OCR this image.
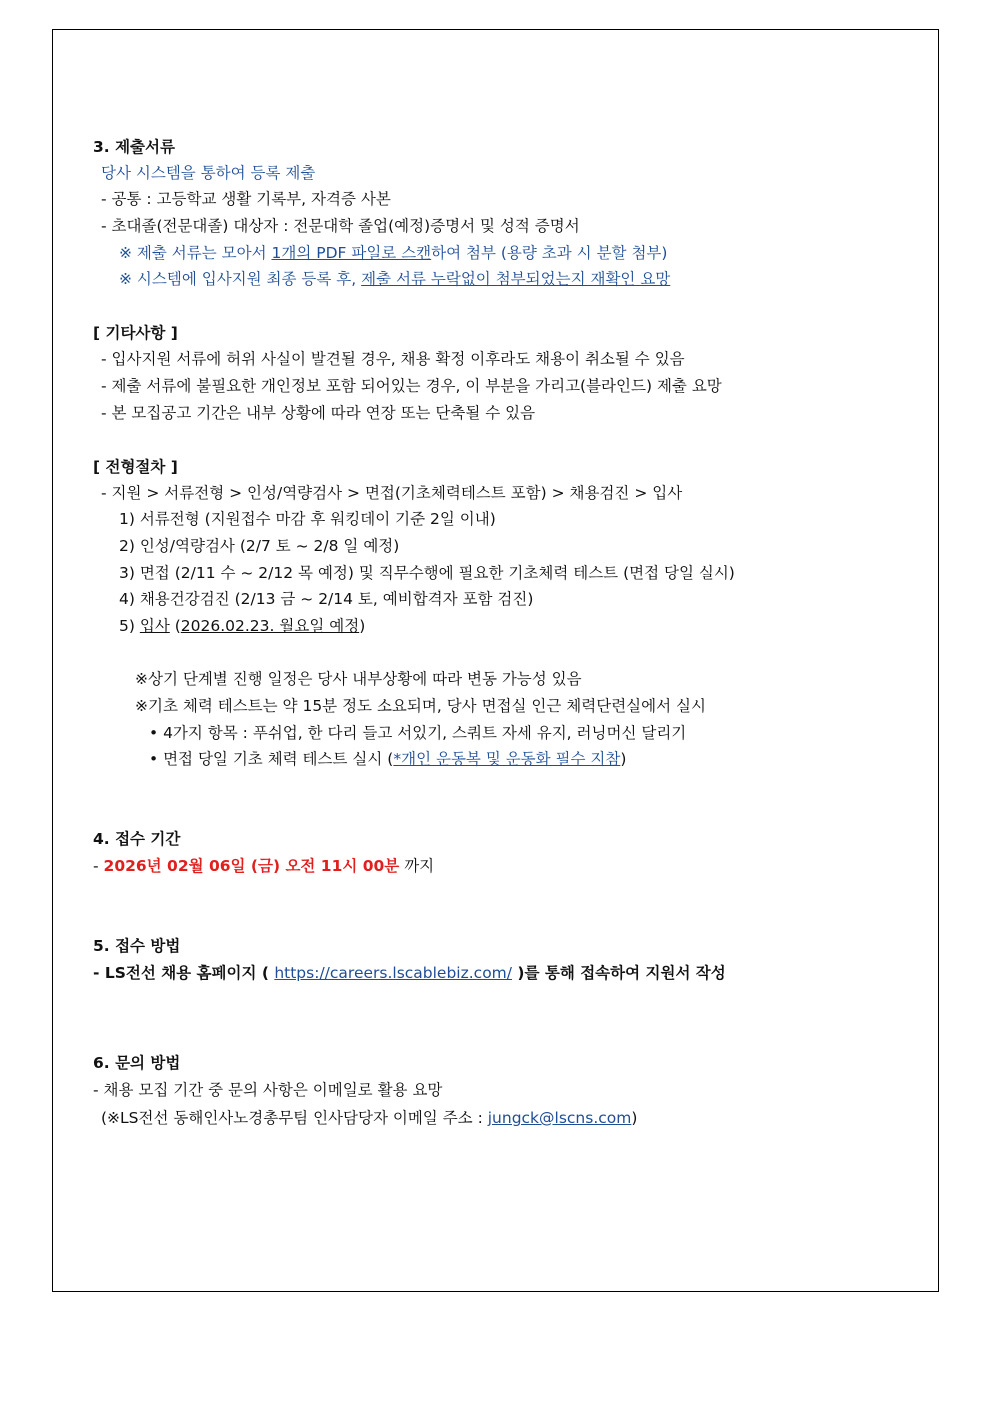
3. 제출서류
당사 시스템을 통하여 등록 제출
- 공통 : 고등학교 생활 기록부, 자격증 사본
- 초대졸(전문대졸) 대상자 : 전문대학 졸업(예정)증명서 및 성적 증명서
※ 제출 서류는 모아서 1개의 PDF 파일로 스캔하여 첨부 (용량 초과 시 분할 첨부)
※ 시스템에 입사지원 최종 등록 후, 제출 서류 누락없이 첨부되었는지 재확인 요망
[ 기타사항 ]
- 입사지원 서류에 허위 사실이 발견될 경우, 채용 확정 이후라도 채용이 취소될 수 있음
- 제출 서류에 불필요한 개인정보 포함 되어있는 경우, 이 부분을 가리고(블라인드) 제출 요망
- 본 모집공고 기간은 내부 상황에 따라 연장 또는 단축될 수 있음
[ 전형절차 ]
- 지원 > 서류전형 > 인성/역량검사 > 면접(기초체력테스트 포함) > 채용검진 > 입사
1) 서류전형 (지원접수 마감 후 워킹데이 기준 2일 이내)
2) 인성/역량검사 (2/7 토 ~ 2/8 일 예정)
3) 면접 (2/11 수 ~ 2/12 목 예정) 및 직무수행에 필요한 기초체력 테스트 (면접 당일 실시)
4) 채용건강검진 (2/13 금 ~ 2/14 토, 예비합격자 포함 검진)
5) 입사 (2026.02.23. 월요일 예정)
※상기 단계별 진행 일정은 당사 내부상황에 따라 변동 가능성 있음
※기초 체력 테스트는 약 15분 정도 소요되며, 당사 면접실 인근 체력단련실에서 실시
• 4가지 항목 : 푸쉬업, 한 다리 들고 서있기, 스쿼트 자세 유지, 러닝머신 달리기
• 면접 당일 기초 체력 테스트 실시 (*개인 운동복 및 운동화 필수 지참)
4. 접수 기간
- 2026년 02월 06일 (금) 오전 11시 00분 까지
5. 접수 방법
- LS전선 채용 홈페이지 ( https://careers.lscablebiz.com/ )를 통해 접속하여 지원서 작성
6. 문의 방법
- 채용 모집 기간 중 문의 사항은 이메일로 활용 요망
(※LS전선 동해인사노경총무팀 인사담당자 이메일 주소 : jungck@lscns.com)
